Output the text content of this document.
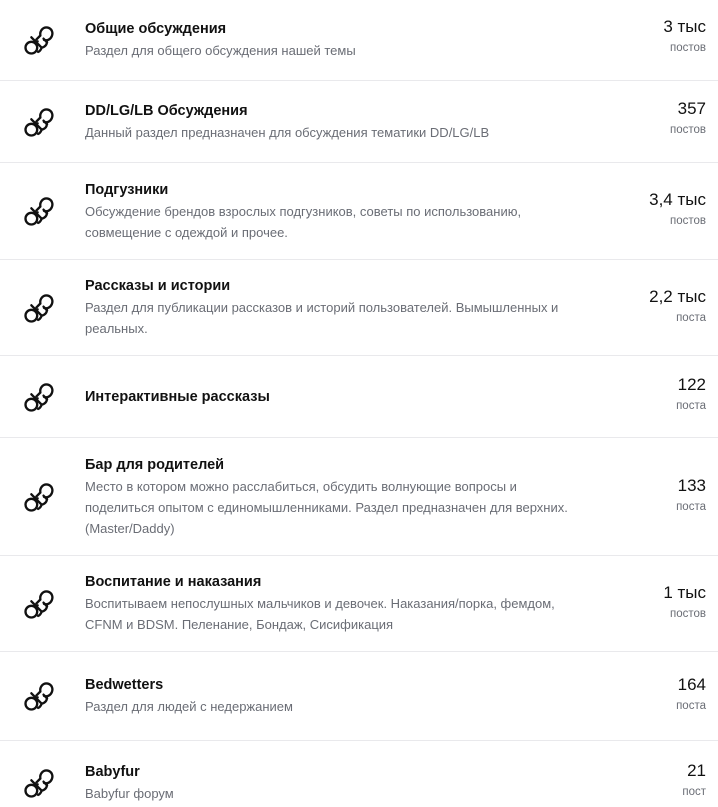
Общие обсуждения
Раздел для общего обсуждения нашей темы
3 тыс
постов
DD/LG/LB Обсуждения
Данный раздел предназначен для обсуждения тематики DD/LG/LB
357
постов
Подгузники
Обсуждение брендов взрослых подгузников, советы по использованию, совмещение с одеждой и прочее.
3,4 тыс
постов
Рассказы и истории
Раздел для публикации рассказов и историй пользователей. Вымышленных и реальных.
2,2 тыс
поста
Интерактивные рассказы
122
поста
Бар для родителей
Место в котором можно расслабиться, обсудить волнующие вопросы и поделиться опытом с единомышленниками. Раздел предназначен для верхних. (Master/Daddy)
133
поста
Воспитание и наказания
Воспитываем непослушных мальчиков и девочек. Наказания/порка, фемдом, CFNM и BDSM. Пеленание, Бондаж, Сисификация
1 тыс
постов
Bedwetters
Раздел для людей с недержанием
164
поста
Babyfur
Babyfur форум
21
пост
